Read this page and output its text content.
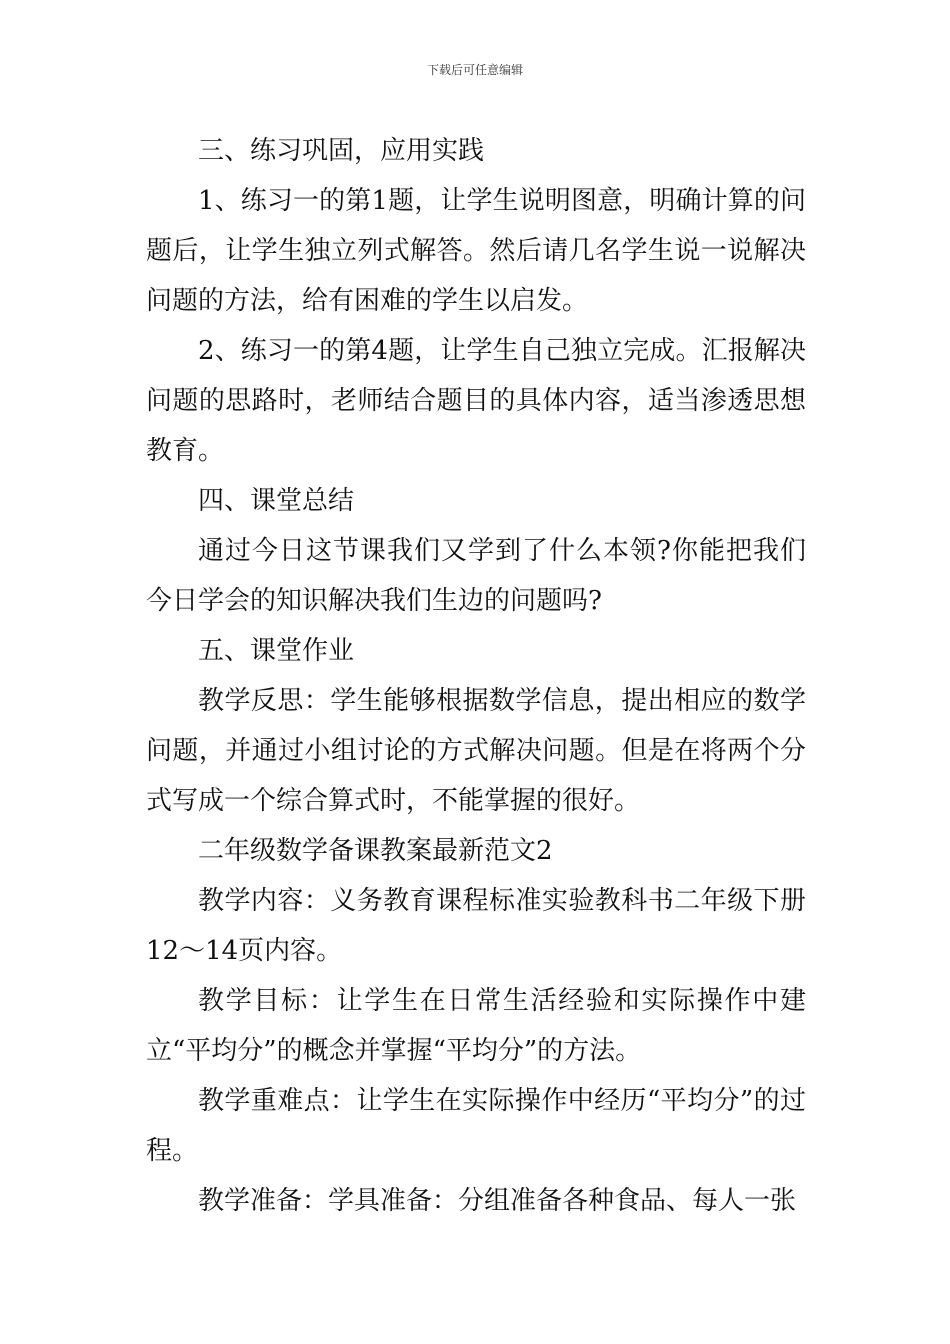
下载后可任意编辑

三、练习巩固，应用实践

1、练习一的第1题，让学生说明图意，明确计算的问题后，让学生独立列式解答。然后请几名学生说一说解决问题的方法，给有困难的学生以启发。

2、练习一的第4题，让学生自己独立完成。汇报解决问题的思路时，老师结合题目的具体内容，适当渗透思想教育。

四、课堂总结

通过今日这节课我们又学到了什么本领?你能把我们今日学会的知识解决我们生边的问题吗?

五、课堂作业

教学反思：学生能够根据数学信息，提出相应的数学问题，并通过小组讨论的方式解决问题。但是在将两个分式写成一个综合算式时，不能掌握的很好。

二年级数学备课教案最新范文2

教学内容：义务教育课程标准实验教科书二年级下册12～14页内容。

教学目标：让学生在日常生活经验和实际操作中建立“平均分”的概念并掌握“平均分”的方法。

教学重难点：让学生在实际操作中经历“平均分”的过程。

教学准备：学具准备：分组准备各种食品、每人一张
